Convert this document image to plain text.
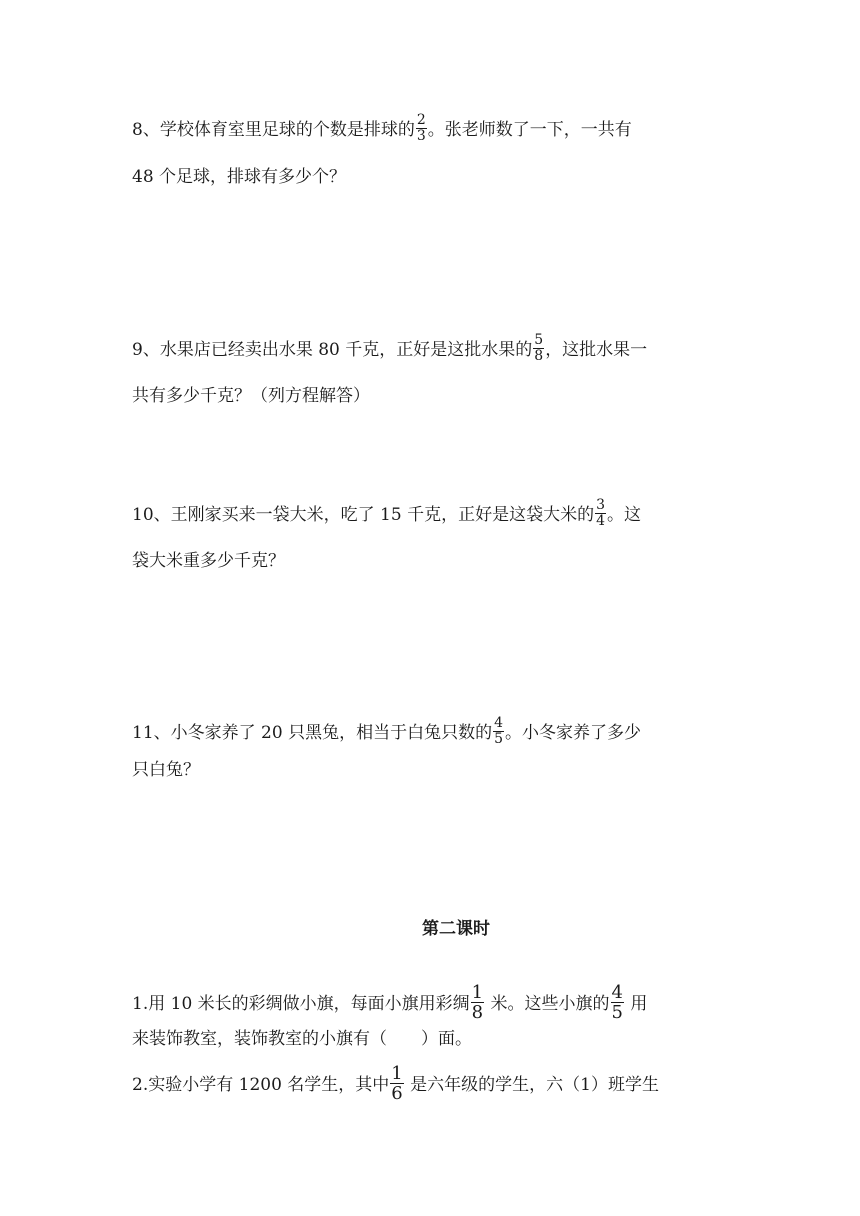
8、学校体育室里足球的个数是排球的 $\frac{2}{3}$ 。张老师数了一下，一共有
48 个足球，排球有多少个？
9、水果店已经卖出水果 80 千克，正好是这批水果的 $\frac{5}{8}$ ，这批水果一
共有多少千克？（列方程解答）
10、王刚家买来一袋大米，吃了 15 千克，正好是这袋大米的 $\frac{3}{4}$ 。这
袋大米重多少千克？
11、小冬家养了 20 只黑兔，相当于白兔只数的 $\frac{4}{5}$ 。小冬家养了多少
只白兔？
第二课时
1.用 10 米长的彩绸做小旗，每面小旗用彩绸 $\frac{1}{8}$ 米。这些小旗的 $\frac{4}{5}$ 用
来装饰教室，装饰教室的小旗有（　　）面。
2.实验小学有 1200 名学生，其中 $\frac{1}{6}$ 是六年级的学生，六（1）班学生
